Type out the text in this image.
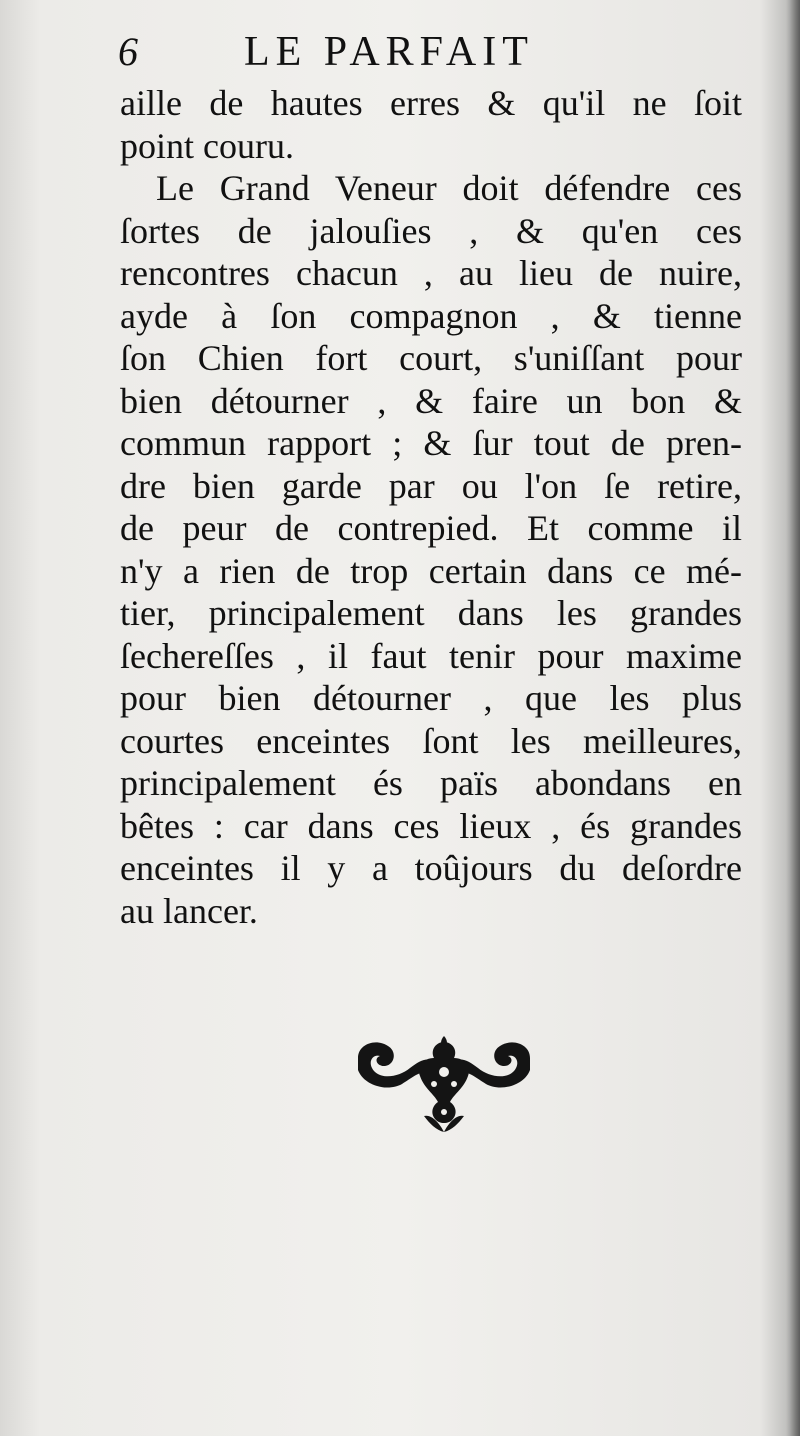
6	LE PARFAIT
aille de hautes erres & qu'il ne ſoit
point couru.
Le Grand Veneur doit défendre ces
ſortes de jalouſies , & qu'en ces
rencontres chacun , au lieu de nuire,
ayde à ſon compagnon , & tienne
ſon Chien fort court, s'uniſſant pour
bien détourner , & faire un bon &
commun rapport ; & ſur tout de pren-
dre bien garde par ou l'on ſe retire,
de peur de contrepied. Et comme il
n'y a rien de trop certain dans ce mé-
tier, principalement dans les grandes
ſechereſſes , il faut tenir pour maxime
pour bien détourner , que les plus
courtes enceintes ſont les meilleures,
principalement és païs abondans en
bêtes : car dans ces lieux , és grandes
enceintes il y a toûjours du deſordre
au lancer.
